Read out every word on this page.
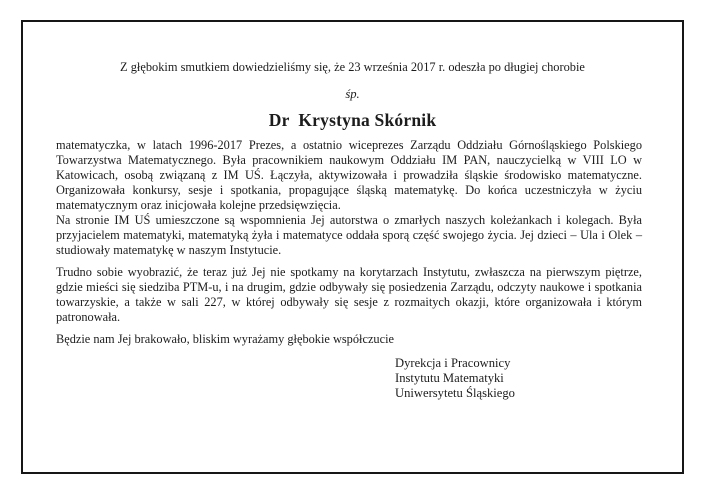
Z głębokim smutkiem dowiedzieliśmy się, że 23 września 2017 r. odeszła po długiej chorobie
śp.
Dr  Krystyna Skórnik

matematyczka, w latach 1996-2017 Prezes, a ostatnio wiceprezes Zarządu Oddziału Górnośląskiego Polskiego Towarzystwa Matematycznego. Była pracownikiem naukowym Oddziału IM PAN, nauczycielką w VIII LO w Katowicach, osobą związaną z IM UŚ. Łączyła, aktywizowała i prowadziła śląskie środowisko matematyczne. Organizowała konkursy, sesje i spotkania, propagujące śląską matematykę. Do końca uczestniczyła w życiu matematycznym oraz inicjowała kolejne przedsięwzięcia.

Na stronie IM UŚ umieszczone są wspomnienia Jej autorstwa o zmarłych naszych koleżankach i kolegach. Była przyjacielem matematyki, matematyką żyła i matematyce oddała sporą część swojego życia. Jej dzieci – Ula i Olek – studiowały matematykę w naszym Instytucie.

Trudno sobie wyobrazić, że teraz już Jej nie spotkamy na korytarzach Instytutu, zwłaszcza na pierwszym piętrze, gdzie mieści się siedziba PTM-u, i na drugim, gdzie odbywały się posiedzenia Zarządu, odczyty naukowe i spotkania towarzyskie, a także w sali 227, w której odbywały się sesje z rozmaitych okazji, które organizowała i którym patronowała.

Będzie nam Jej brakowało, bliskim wyrażamy głębokie współczucie

Dyrekcja i Pracownicy
Instytutu Matematyki
Uniwersytetu Śląskiego
